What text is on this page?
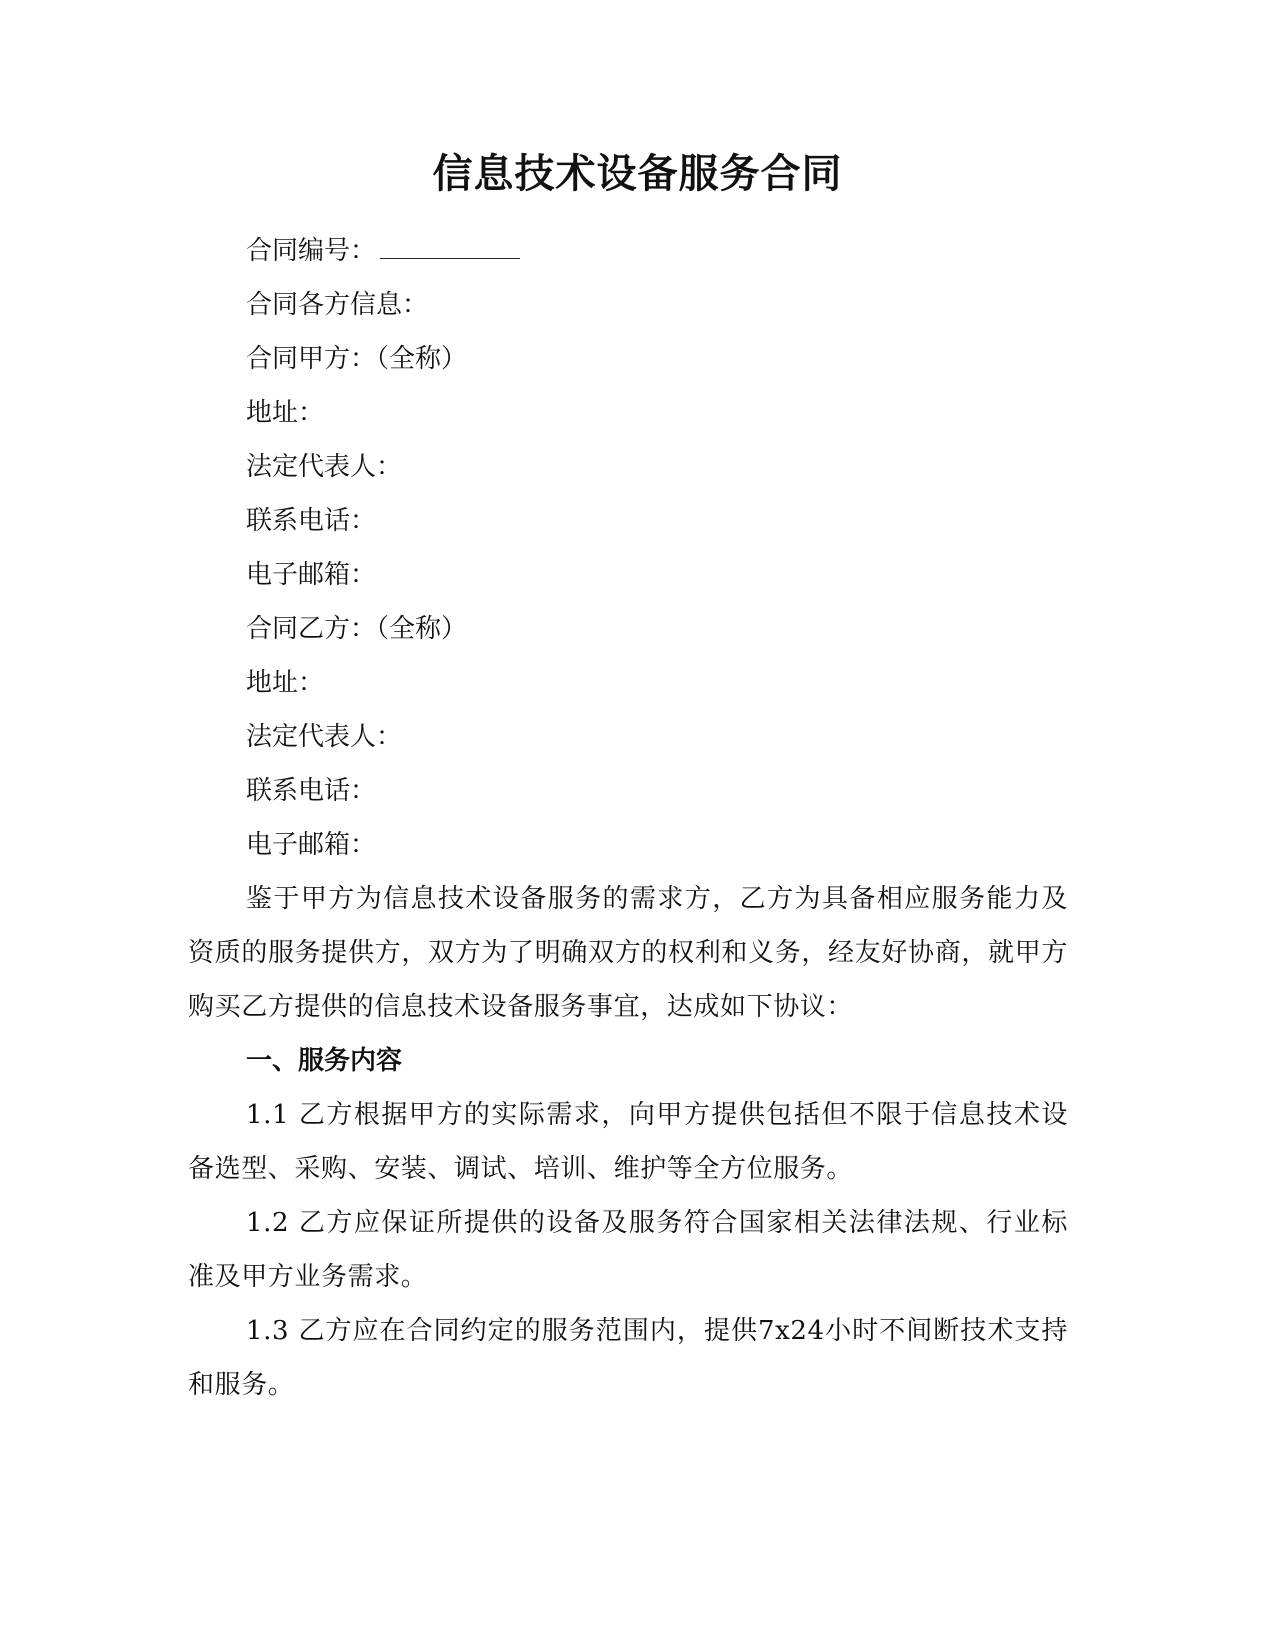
信息技术设备服务合同

合同编号：

合同各方信息：

合同甲方：（全称）

地址：

法定代表人：

联系电话：

电子邮箱：

合同乙方：（全称）

地址：

法定代表人：

联系电话：

电子邮箱：

鉴于甲方为信息技术设备服务的需求方，乙方为具备相应服务能力及资质的服务提供方，双方为了明确双方的权利和义务，经友好协商，就甲方购买乙方提供的信息技术设备服务事宜，达成如下协议：

一、服务内容

1.1 乙方根据甲方的实际需求，向甲方提供包括但不限于信息技术设备选型、采购、安装、调试、培训、维护等全方位服务。

1.2 乙方应保证所提供的设备及服务符合国家相关法律法规、行业标准及甲方业务需求。

1.3 乙方应在合同约定的服务范围内，提供7x24小时不间断技术支持和服务。
